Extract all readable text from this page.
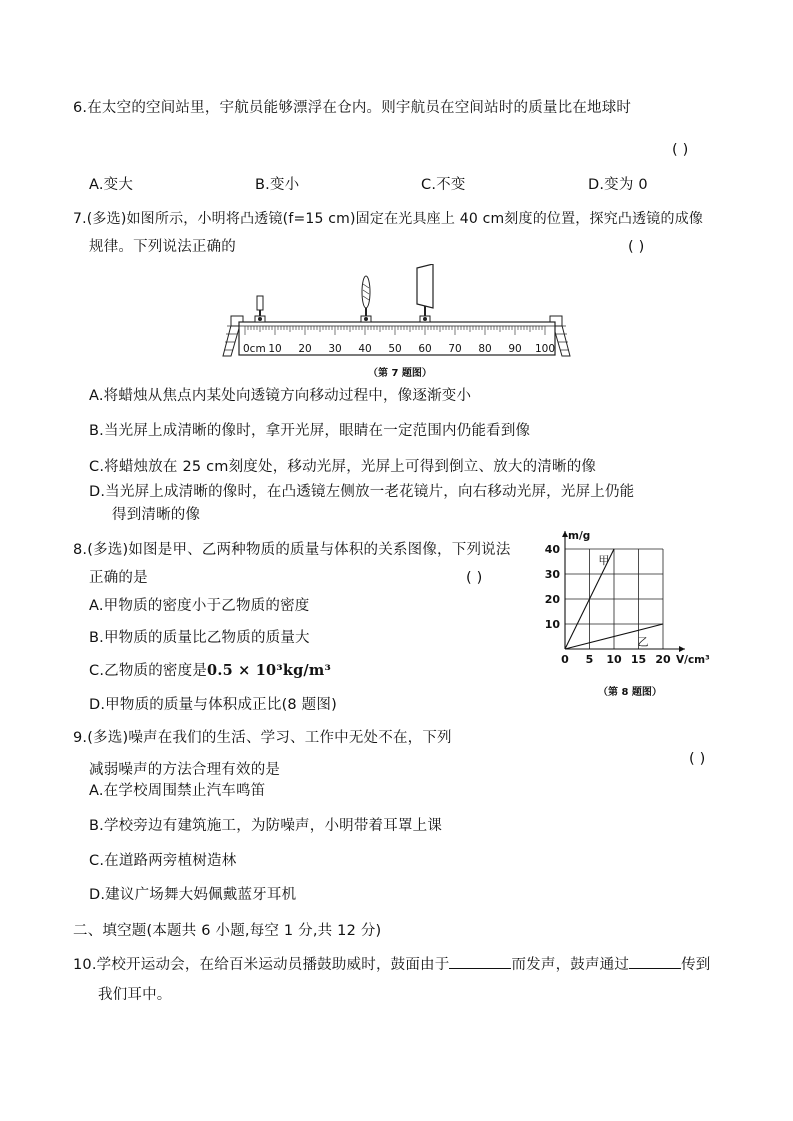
6.在太空的空间站里，宇航员能够漂浮在仓内。则宇航员在空间站时的质量比在地球时
( )
A.变大	B.变小	C.不变	D.变为 0
7.(多选)如图所示，小明将凸透镜(f=15 cm)固定在光具座上 40 cm刻度的位置，探究凸透镜的成像
规律。下列说法正确的	( )
0cm 10 20 30 40 50 60 70 80 90 100
（第 7 题图）
A.将蜡烛从焦点内某处向透镜方向移动过程中，像逐渐变小
B.当光屏上成清晰的像时，拿开光屏，眼睛在一定范围内仍能看到像
C.将蜡烛放在 25 cm刻度处，移动光屏，光屏上可得到倒立、放大的清晰的像
D.当光屏上成清晰的像时，在凸透镜左侧放一老花镜片，向右移动光屏，光屏上仍能
得到清晰的像
8.(多选)如图是甲、乙两种物质的质量与体积的关系图像，下列说法
正确的是	( )
A.甲物质的密度小于乙物质的密度
B.甲物质的质量比乙物质的质量大
C.乙物质的密度是0.5 × 10³kg/m³
D.甲物质的质量与体积成正比(8 题图)
40
30
20
10
0 5 10 15 20
m/g
V/cm³
甲
乙
（第 8 题图）
9.(多选)噪声在我们的生活、学习、工作中无处不在，下列
( )
减弱噪声的方法合理有效的是
A.在学校周围禁止汽车鸣笛
B.学校旁边有建筑施工，为防噪声，小明带着耳罩上课
C.在道路两旁植树造林
D.建议广场舞大妈佩戴蓝牙耳机
二、填空题(本题共 6 小题,每空 1 分,共 12 分)
10.学校开运动会，在给百米运动员播鼓助威时，鼓面由于	而发声，鼓声通过	传到
我们耳中。
